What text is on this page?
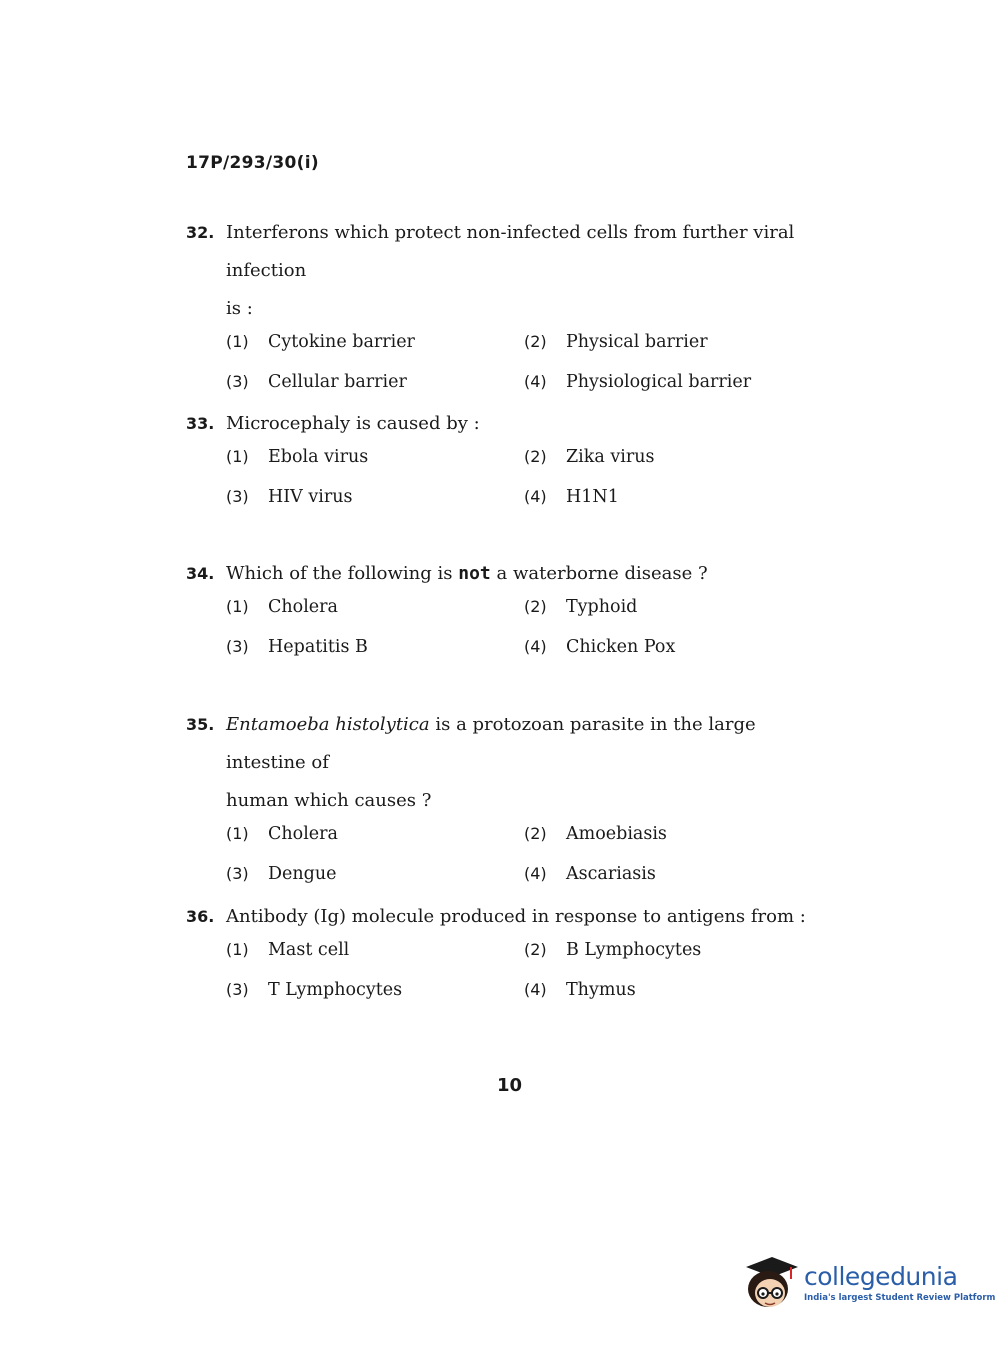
17P/293/30(i)
32. Interferons which protect non-infected cells from further viral infection
is :
(1)	Cytokine barrier	(2)	Physical barrier
(3)	Cellular barrier	(4)	Physiological barrier
33. Microcephaly is caused by :
(1)	Ebola virus	(2)	Zika virus
(3)	HIV virus	(4)	H1N1
34. Which of the following is not a waterborne disease ?
(1)	Cholera	(2)	Typhoid
(3)	Hepatitis B	(4)	Chicken Pox
35. Entamoeba histolytica is a protozoan parasite in the large intestine of
human which causes ?
(1)	Cholera	(2)	Amoebiasis
(3)	Dengue	(4)	Ascariasis
36. Antibody (Ig) molecule produced in response to antigens from :
(1)	Mast cell	(2)	B Lymphocytes
(3)	T Lymphocytes	(4)	Thymus
10
collegedunia
India's largest Student Review Platform
